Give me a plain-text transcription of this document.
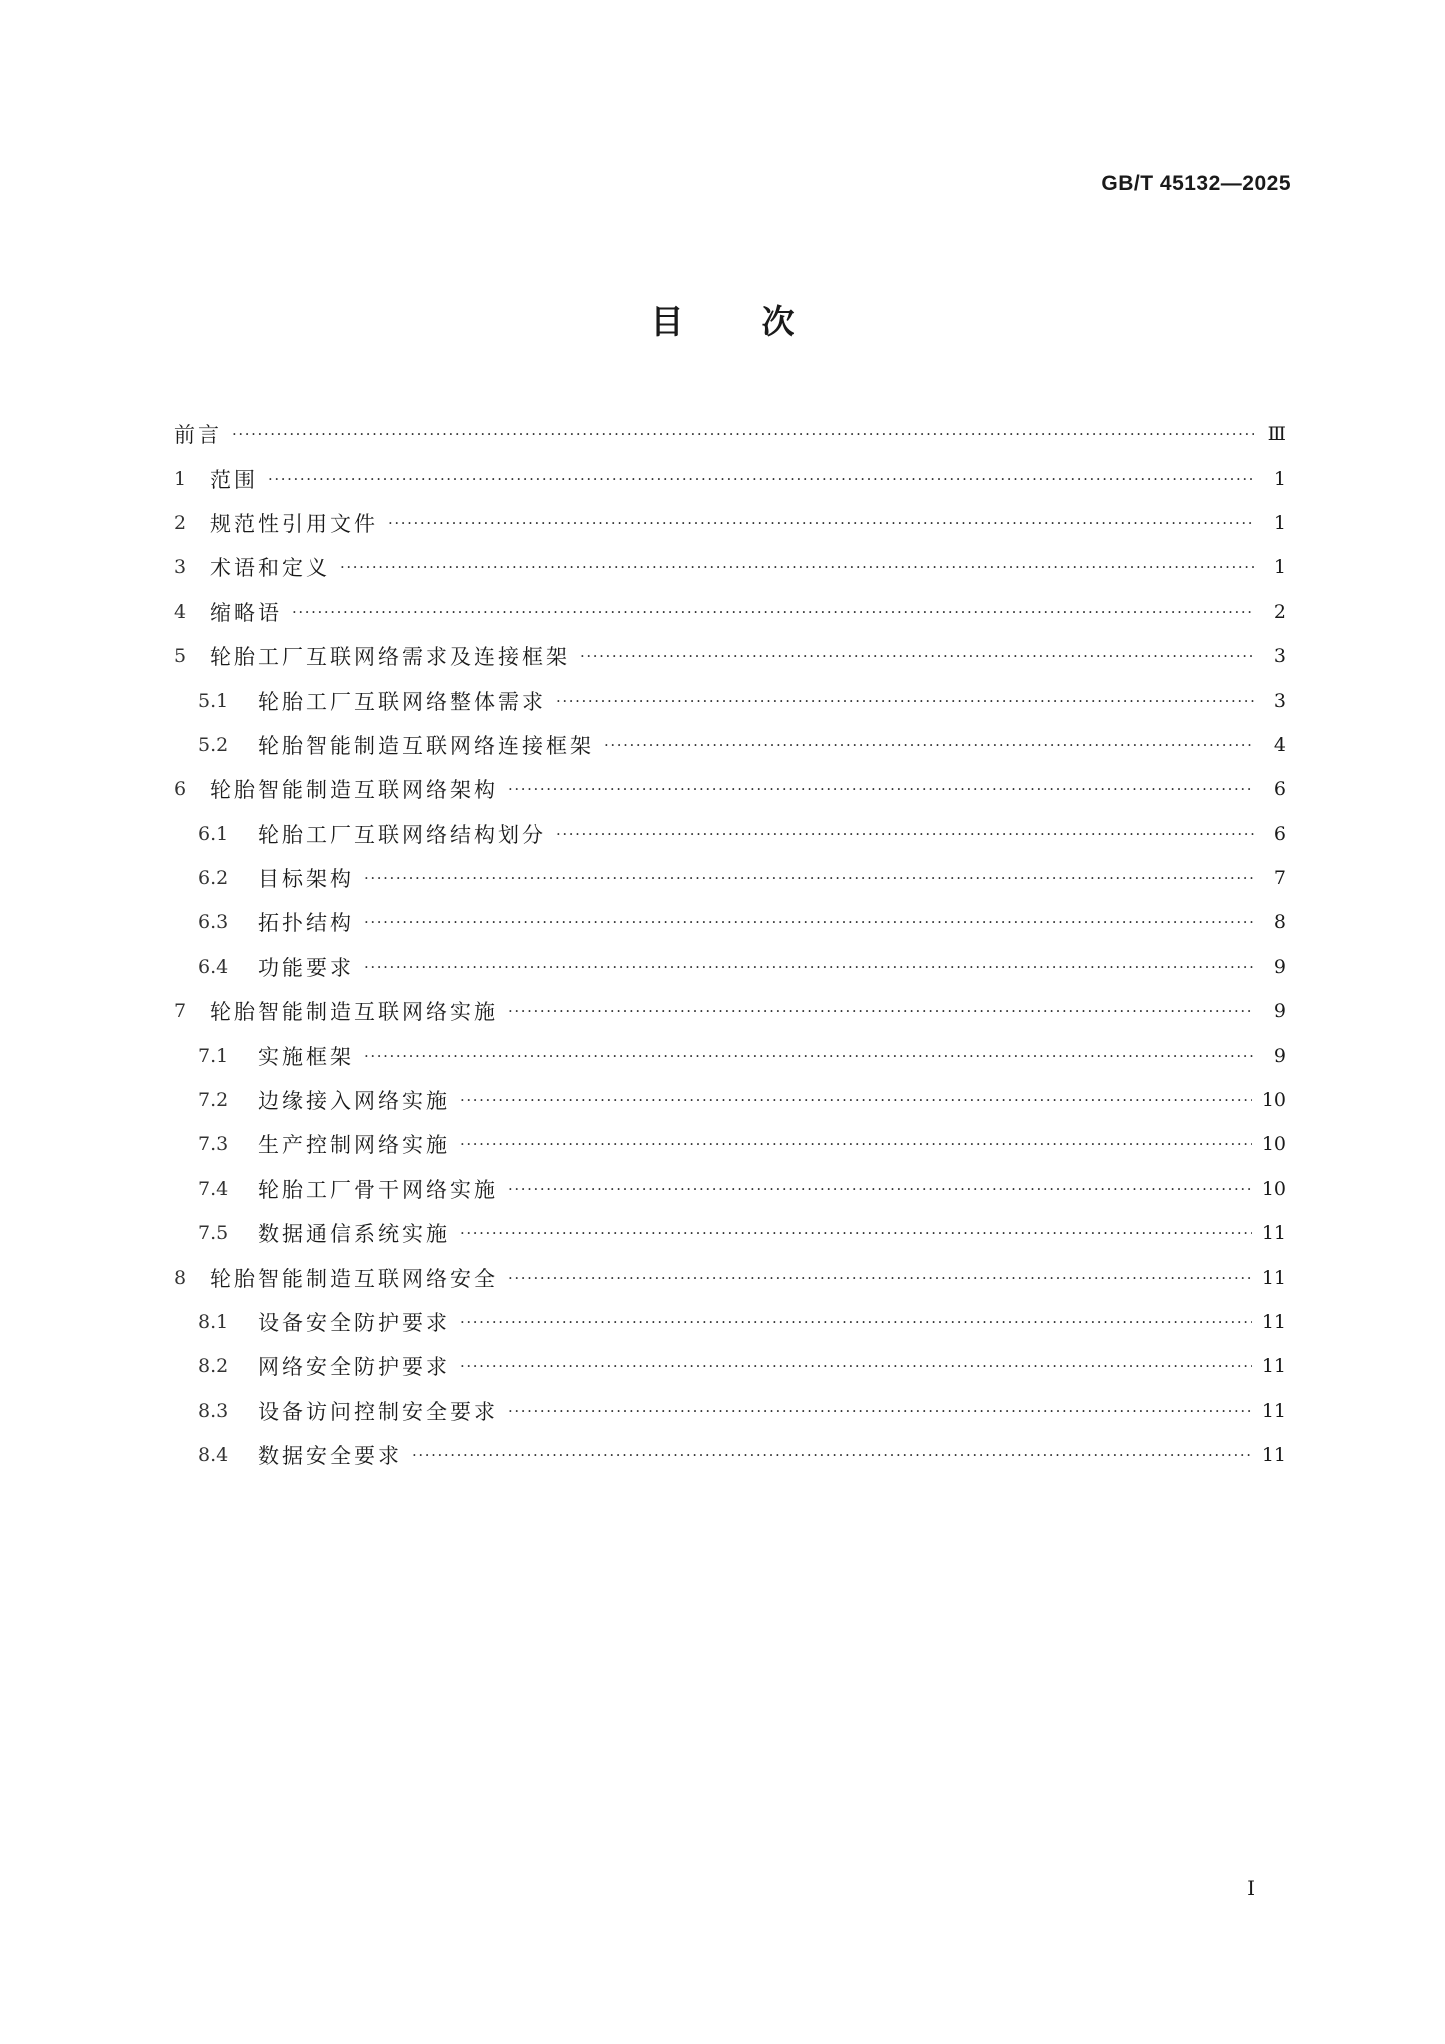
GB/T 45132—2025
目次
前言 ·····	Ⅲ
1	范围 ·····	1
2	规范性引用文件 ·····	1
3	术语和定义 ·····	1
4	缩略语 ·····	2
5	轮胎工厂互联网络需求及连接框架 ·····	3
5.1	轮胎工厂互联网络整体需求 ·····	3
5.2	轮胎智能制造互联网络连接框架 ·····	4
6	轮胎智能制造互联网络架构 ·····	6
6.1	轮胎工厂互联网络结构划分 ·····	6
6.2	目标架构 ·····	7
6.3	拓扑结构 ·····	8
6.4	功能要求 ·····	9
7	轮胎智能制造互联网络实施 ·····	9
7.1	实施框架 ·····	9
7.2	边缘接入网络实施 ·····	10
7.3	生产控制网络实施 ·····	10
7.4	轮胎工厂骨干网络实施 ·····	10
7.5	数据通信系统实施 ·····	11
8	轮胎智能制造互联网络安全 ·····	11
8.1	设备安全防护要求 ·····	11
8.2	网络安全防护要求 ·····	11
8.3	设备访问控制安全要求 ·····	11
8.4	数据安全要求 ·····	11
I
